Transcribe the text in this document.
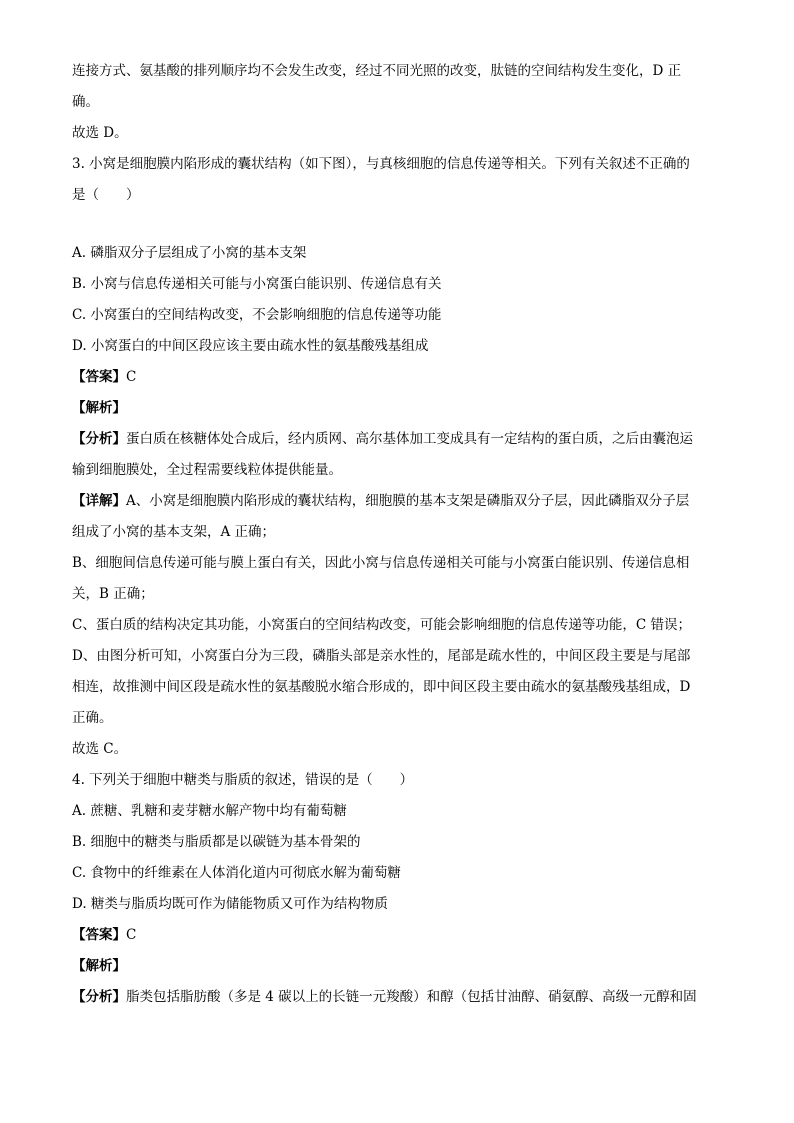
连接方式、氨基酸的排列顺序均不会发生改变，经过不同光照的改变，肽链的空间结构发生变化，D 正
确。
故选 D。
3. 小窝是细胞膜内陷形成的囊状结构（如下图），与真核细胞的信息传递等相关。下列有关叙述不正确的
是（　　）
A. 磷脂双分子层组成了小窝的基本支架
B. 小窝与信息传递相关可能与小窝蛋白能识别、传递信息有关
C. 小窝蛋白的空间结构改变，不会影响细胞的信息传递等功能
D. 小窝蛋白的中间区段应该主要由疏水性的氨基酸残基组成
【答案】C
【解析】
【分析】蛋白质在核糖体处合成后，经内质网、高尔基体加工变成具有一定结构的蛋白质，之后由囊泡运
输到细胞膜处，全过程需要线粒体提供能量。
【详解】A、小窝是细胞膜内陷形成的囊状结构，细胞膜的基本支架是磷脂双分子层，因此磷脂双分子层
组成了小窝的基本支架，A 正确；
B、细胞间信息传递可能与膜上蛋白有关，因此小窝与信息传递相关可能与小窝蛋白能识别、传递信息相
关，B 正确；
C、蛋白质的结构决定其功能，小窝蛋白的空间结构改变，可能会影响细胞的信息传递等功能，C 错误；
D、由图分析可知，小窝蛋白分为三段，磷脂头部是亲水性的，尾部是疏水性的，中间区段主要是与尾部
相连，故推测中间区段是疏水性的氨基酸脱水缩合形成的，即中间区段主要由疏水的氨基酸残基组成，D
正确。
故选 C。
4. 下列关于细胞中糖类与脂质的叙述，错误的是（　　）
A. 蔗糖、乳糖和麦芽糖水解产物中均有葡萄糖
B. 细胞中的糖类与脂质都是以碳链为基本骨架的
C. 食物中的纤维素在人体消化道内可彻底水解为葡萄糖
D. 糖类与脂质均既可作为储能物质又可作为结构物质
【答案】C
【解析】
【分析】脂类包括脂肪酸（多是 4 碳以上的长链一元羧酸）和醇（包括甘油醇、硝氨醇、高级一元醇和固
